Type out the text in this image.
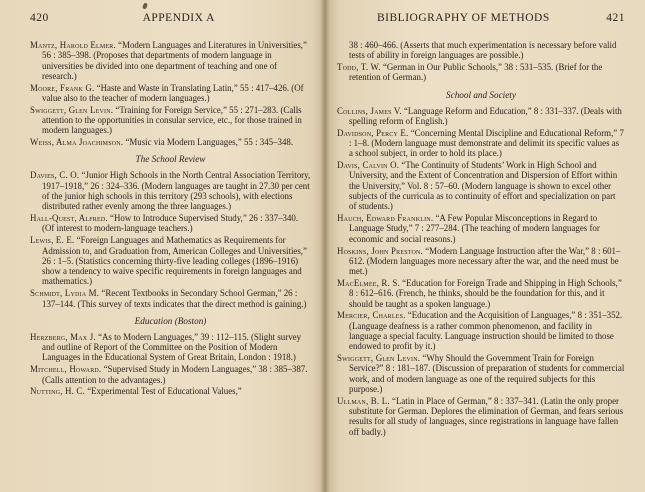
420	APPENDIX A

Mantz, Harold Elmer. “Modern Languages and Literatures in Universities,” 56 : 385–398. (Proposes that departments of modern language in universities be divided into one department of teaching and one of research.)

Moore, Frank G. “Haste and Waste in Translating Latin,” 55 : 417–426. (Of value also to the teacher of modern languages.)

Swiggett, Glen Levin. “Training for Foreign Service,” 55 : 271–283. (Calls attention to the opportunities in consular service, etc., for those trained in modern languages.)

Weiss, Alma Joachimson. “Music via Modern Languages,” 55 : 345–348.

The School Review

Davies, C. O. “Junior High Schools in the North Central Association Territory, 1917–1918,” 26 : 324–336. (Modern languages are taught in 27.30 per cent of the junior high schools in this territory (293 schools), with elections distributed rather evenly among the three languages.)

Hall-Quest, Alfred. “How to Introduce Supervised Study,” 26 : 337–340. (Of interest to modern-language teachers.)

Lewis, E. E. “Foreign Languages and Mathematics as Requirements for Admission to, and Graduation from, American Colleges and Universities,” 26 : 1–5. (Statistics concerning thirty-five leading colleges (1896–1916) show a tendency to waive specific requirements in foreign languages and mathematics.)

Schmidt, Lydia M. “Recent Textbooks in Secondary School German,” 26 : 137–144. (This survey of texts indicates that the direct method is gaining.)

Education (Boston)

Herzberg, Max J. “As to Modern Languages,” 39 : 112–115. (Slight survey and outline of Report of the Committee on the Position of Modern Languages in the Educational System of Great Britain, London : 1918.)

Mitchell, Howard. “Supervised Study in Modern Languages,” 38 : 385–387. (Calls attention to the advantages.)

Nutting, H. C. “Experimental Test of Educational Values,”

BIBLIOGRAPHY OF METHODS	421

38 : 460–466. (Asserts that much experimentation is necessary before valid tests of ability in foreign languages are possible.)

Todd, T. W. “German in Our Public Schools,” 38 : 531–535. (Brief for the retention of German.)

School and Society

Collins, James V. “Language Reform and Education,” 8 : 331–337. (Deals with spelling reform of English.)

Davidson, Percy E. “Concerning Mental Discipline and Educational Reform,” 7 : 1–8. (Modern language must demonstrate and delimit its specific values as a school subject, in order to hold its place.)

Davis, Calvin O. “The Continuity of Students’ Work in High School and University, and the Extent of Concentration and Dispersion of Effort within the University,” Vol. 8 : 57–60. (Modern language is shown to excel other subjects of the curricula as to continuity of effort and specialization on part of students.)

Hauch, Edward Franklin. “A Few Popular Misconceptions in Regard to Language Study,” 7 : 277–284. (The teaching of modern languages for economic and social reasons.)

Hoskins, John Preston. “Modern Language Instruction after the War,” 8 : 601–612. (Modern languages more necessary after the war, and the need must be met.)

MacElmee, R. S. “Education for Foreign Trade and Shipping in High Schools,” 8 : 612–616. (French, he thinks, should be the foundation for this, and it should be taught as a spoken language.)

Mercier, Charles. “Education and the Acquisition of Languages,” 8 : 351–352. (Language deafness is a rather common phenomenon, and facility in language a special faculty. Language instruction should be limited to those endowed to profit by it.)

Swiggett, Glen Levin. “Why Should the Government Train for Foreign Service?” 8 : 181–187. (Discussion of preparation of students for commercial work, and of modern language as one of the required subjects for this purpose.)

Ullman, B. L. “Latin in Place of German,” 8 : 337–341. (Latin the only proper substitute for German. Deplores the elimination of German, and fears serious results for all study of languages, since registrations in language have fallen off badly.)
